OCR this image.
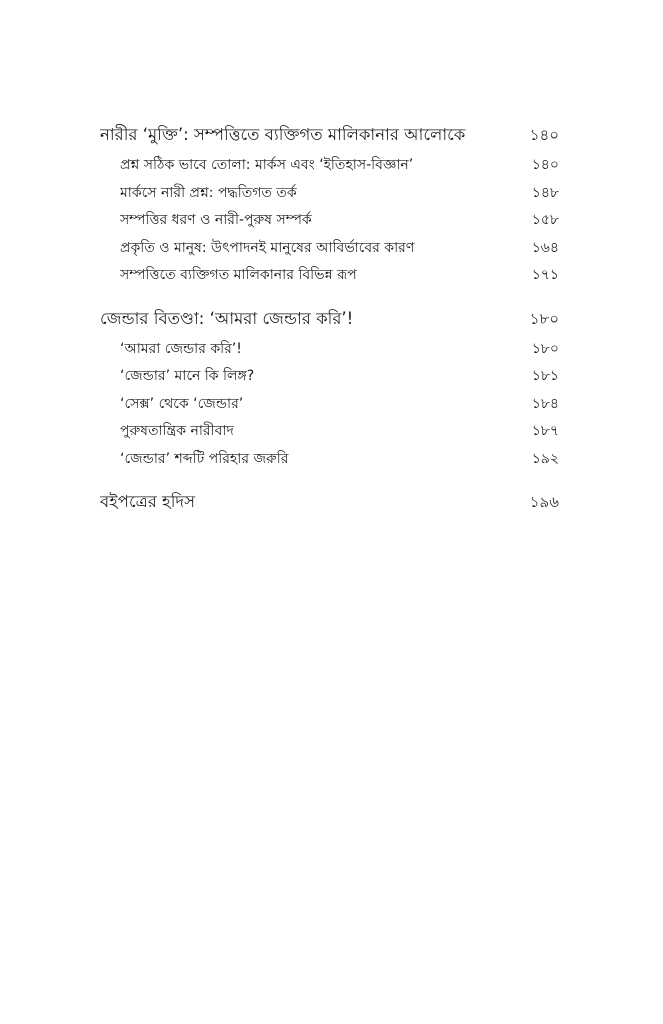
নারীর ‘মুক্তি’: সম্পত্তিতে ব্যক্তিগত মালিকানার আলোকে	১৪০
প্রশ্ন সঠিক ভাবে তোলা: মার্কস এবং ‘ইতিহাস-বিজ্ঞান’	১৪০
মার্কসে নারী প্রশ্ন: পদ্ধতিগত তর্ক	১৪৮
সম্পত্তির ধরণ ও নারী-পুরুষ সম্পর্ক	১৫৮
প্রকৃতি ও মানুষ: উৎপাদনই মানুষের আবির্ভাবের কারণ	১৬৪
সম্পত্তিতে ব্যক্তিগত মালিকানার বিভিন্ন রূপ	১৭১
জেন্ডার বিতণ্ডা: ‘আমরা জেন্ডার করি’!	১৮০
‘আমরা জেন্ডার করি’!	১৮০
‘জেন্ডার’ মানে কি লিঙ্গ?	১৮১
‘সেক্স’ থেকে ‘জেন্ডার’	১৮৪
পুরুষতান্ত্রিক নারীবাদ	১৮৭
‘জেন্ডার’ শব্দটি পরিহার জরুরি	১৯২
বইপত্রের হদিস	১৯৬
